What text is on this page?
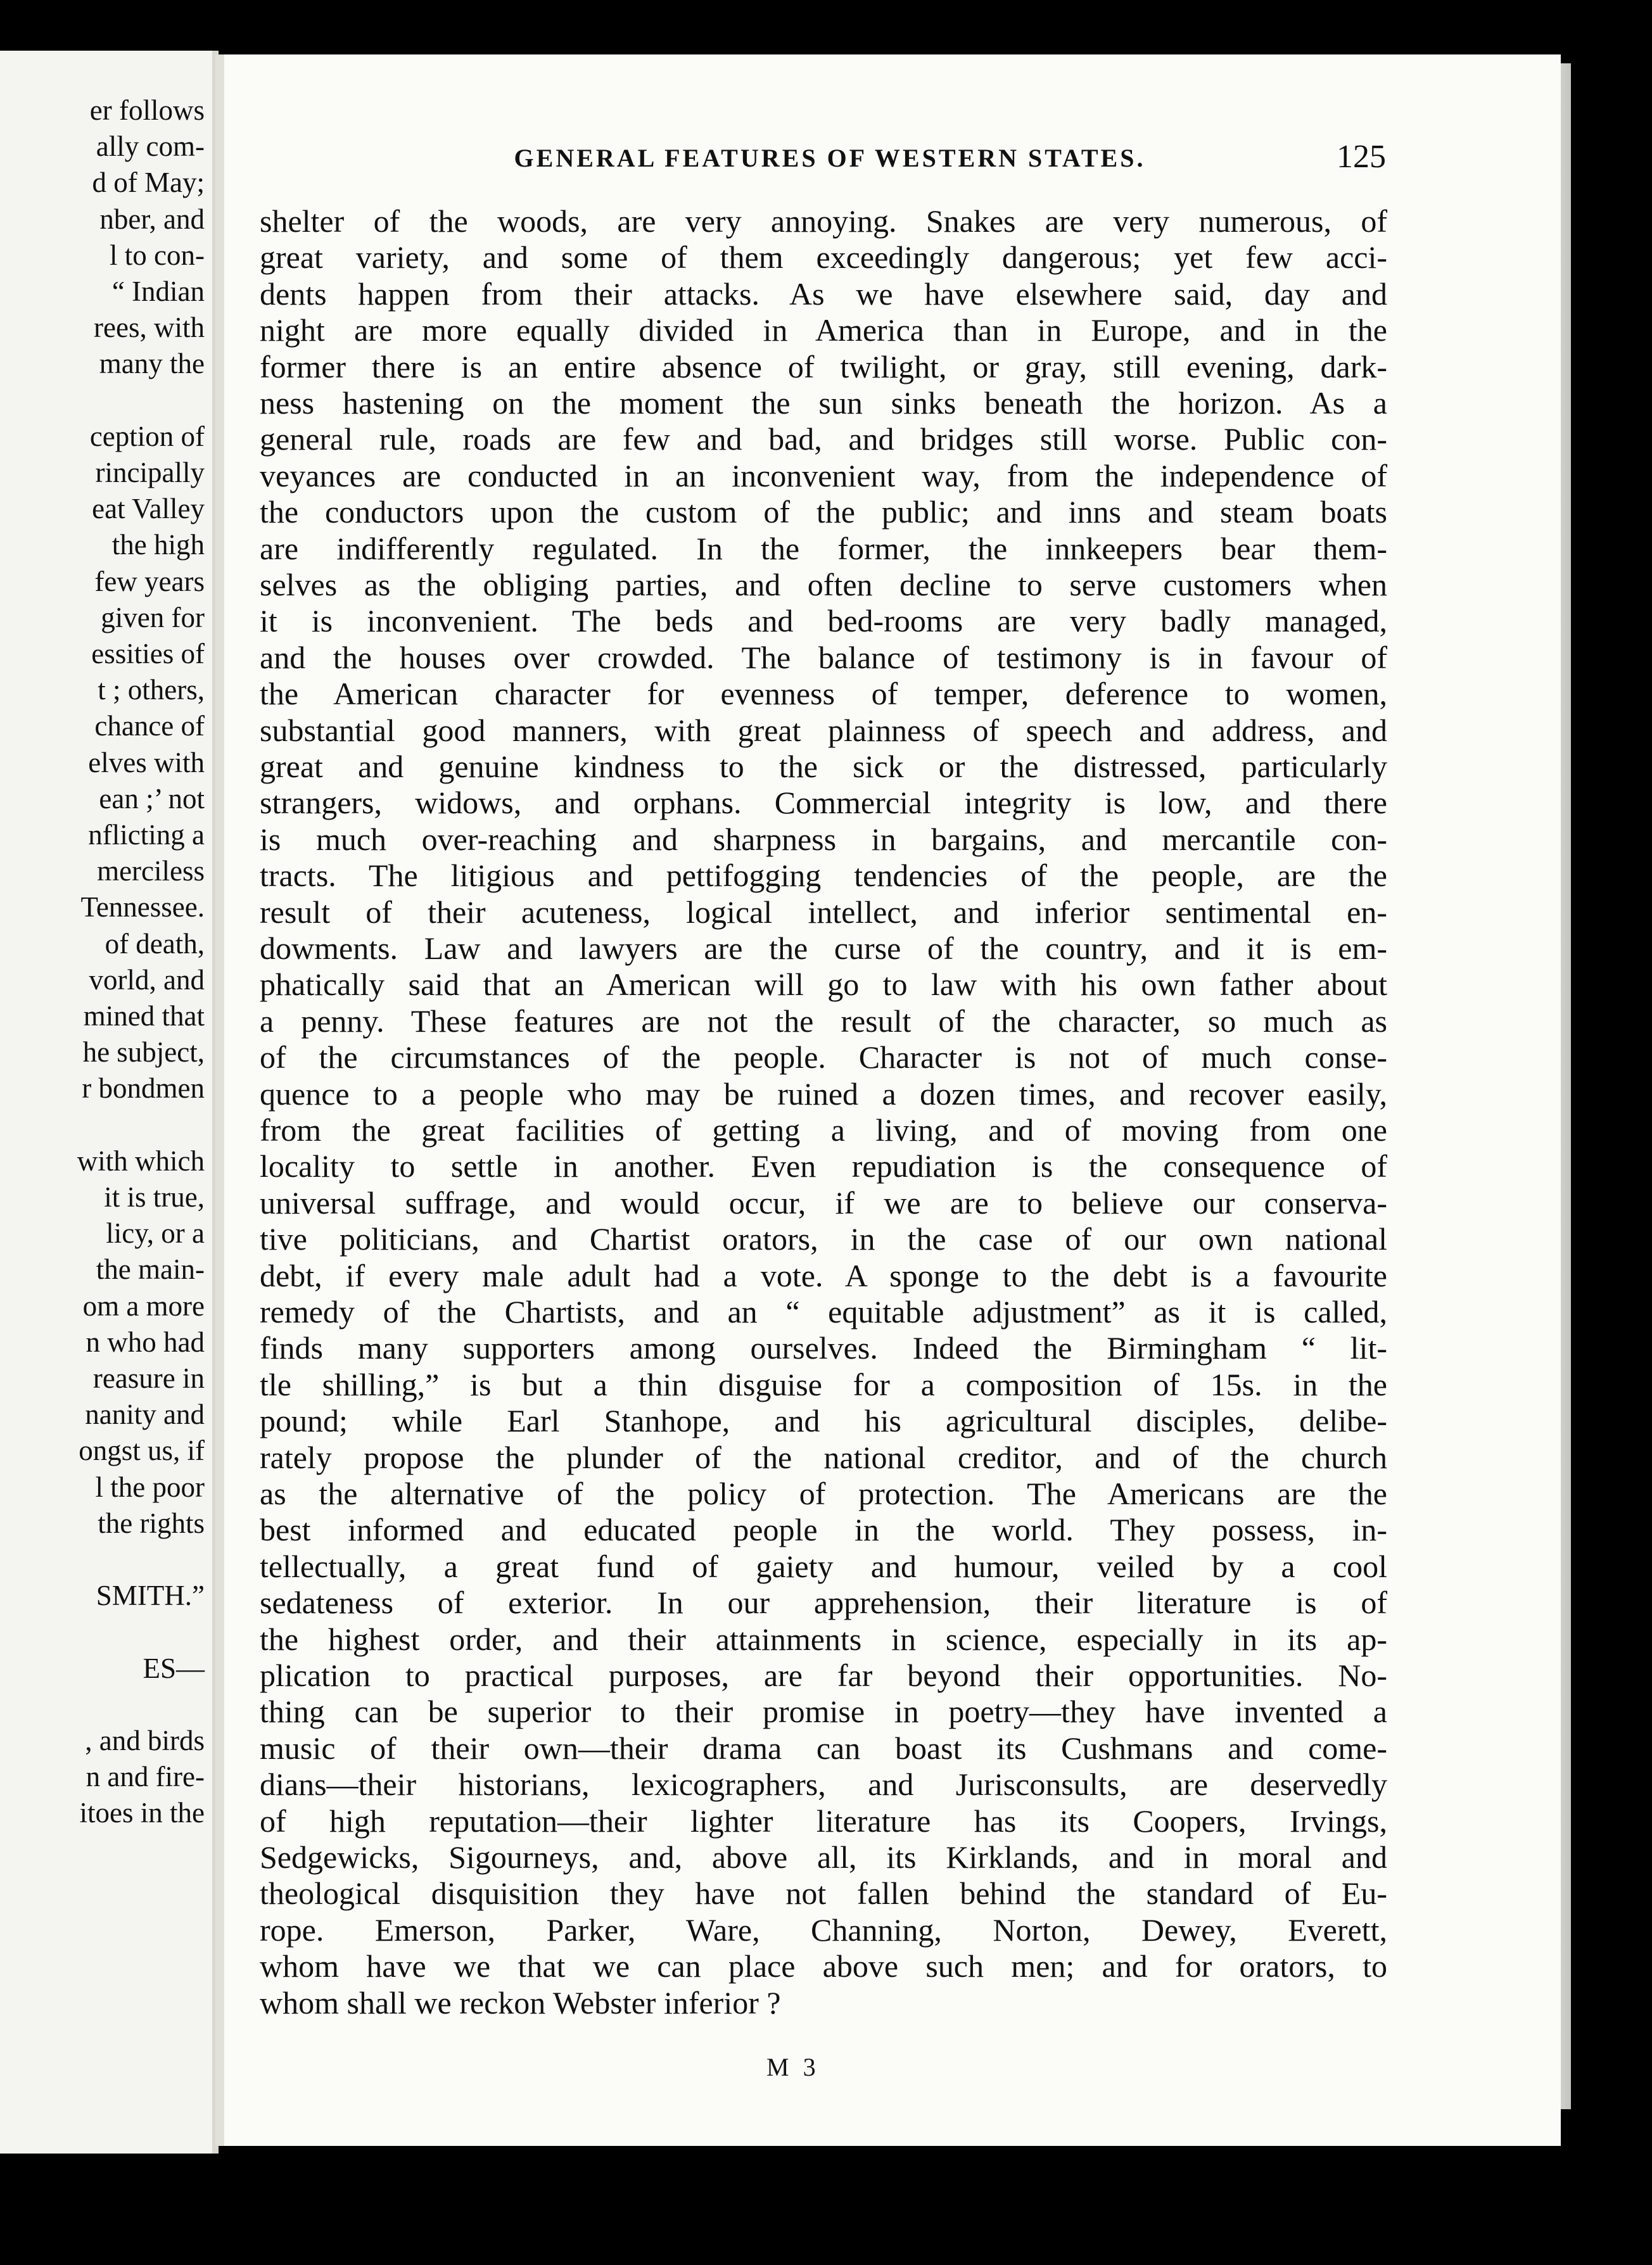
er follows
ally com-
d of May;
nber, and
l to con-
“ Indian
rees, with
many the
ception of
rincipally
eat Valley
the high
few years
given for
essities of
t ; others,
chance of
elves with
ean ;’ not
nflicting a
merciless
Tennessee.
of death,
vorld, and
mined that
he subject,
r bondmen
with which
it is true,
licy, or a
the main-
om a more
n who had
reasure in
nanity and
ongst us, if
l the poor
the rights
SMITH.”
ES—
, and birds
n and fire-
itoes in the
GENERAL FEATURES OF WESTERN STATES.	125
shelter of the woods, are very annoying. Snakes are very numerous, of
great variety, and some of them exceedingly dangerous; yet few acci-
dents happen from their attacks. As we have elsewhere said, day and
night are more equally divided in America than in Europe, and in the
former there is an entire absence of twilight, or gray, still evening, dark-
ness hastening on the moment the sun sinks beneath the horizon. As a
general rule, roads are few and bad, and bridges still worse. Public con-
veyances are conducted in an inconvenient way, from the independence of
the conductors upon the custom of the public; and inns and steam boats
are indifferently regulated. In the former, the innkeepers bear them-
selves as the obliging parties, and often decline to serve customers when
it is inconvenient. The beds and bed-rooms are very badly managed,
and the houses over crowded. The balance of testimony is in favour of
the American character for evenness of temper, deference to women,
substantial good manners, with great plainness of speech and address, and
great and genuine kindness to the sick or the distressed, particularly
strangers, widows, and orphans. Commercial integrity is low, and there
is much over-reaching and sharpness in bargains, and mercantile con-
tracts. The litigious and pettifogging tendencies of the people, are the
result of their acuteness, logical intellect, and inferior sentimental en-
dowments. Law and lawyers are the curse of the country, and it is em-
phatically said that an American will go to law with his own father about
a penny. These features are not the result of the character, so much as
of the circumstances of the people. Character is not of much conse-
quence to a people who may be ruined a dozen times, and recover easily,
from the great facilities of getting a living, and of moving from one
locality to settle in another. Even repudiation is the consequence of
universal suffrage, and would occur, if we are to believe our conserva-
tive politicians, and Chartist orators, in the case of our own national
debt, if every male adult had a vote. A sponge to the debt is a favourite
remedy of the Chartists, and an “ equitable adjustment” as it is called,
finds many supporters among ourselves. Indeed the Birmingham “ lit-
tle shilling,” is but a thin disguise for a composition of 15s. in the
pound; while Earl Stanhope, and his agricultural disciples, delibe-
rately propose the plunder of the national creditor, and of the church
as the alternative of the policy of protection. The Americans are the
best informed and educated people in the world. They possess, in-
tellectually, a great fund of gaiety and humour, veiled by a cool
sedateness of exterior. In our apprehension, their literature is of
the highest order, and their attainments in science, especially in its ap-
plication to practical purposes, are far beyond their opportunities. No-
thing can be superior to their promise in poetry—they have invented a
music of their own—their drama can boast its Cushmans and come-
dians—their historians, lexicographers, and Jurisconsults, are deservedly
of high reputation—their lighter literature has its Coopers, Irvings,
Sedgewicks, Sigourneys, and, above all, its Kirklands, and in moral and
theological disquisition they have not fallen behind the standard of Eu-
rope. Emerson, Parker, Ware, Channing, Norton, Dewey, Everett,
whom have we that we can place above such men; and for orators, to
whom shall we reckon Webster inferior ?
M 3
